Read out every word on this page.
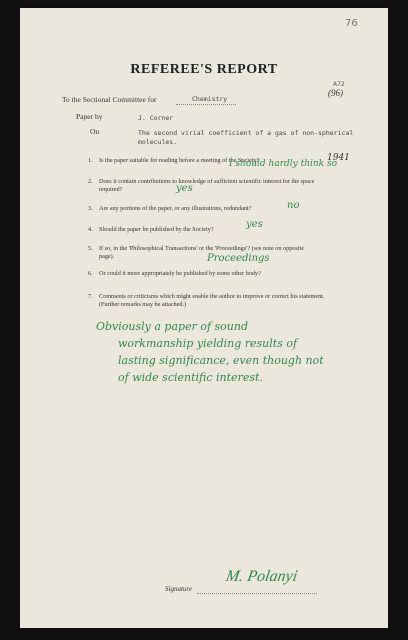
76
REFEREE'S REPORT
A72
(96)
To the Sectional Committee for	Chemistry
Paper by	J. Corner
On	The second virial coefficient of a gas of non-spherical
molecules.
1. Is the paper suitable for reading before a meeting of the Society?
I should hardly think so
1941
2. Does it contain contributions to knowledge of sufficient scientific interest for the space
required?	yes
3. Are any portions of the paper, or any illustrations, redundant?	no
4. Should the paper be published by the Society?	yes
5. If so, in the 'Philosophical Transactions' or the 'Proceedings'? (see note on opposite
page).	Proceedings
6. Or could it more appropriately be published by some other body?
7. Comments or criticisms which might enable the author to improve or correct his statement.
(Further remarks may be attached.)
Obviously a paper of sound
workmanship yielding results of
lasting significance, even though not
of wide scientific interest.
Signature
M. Polanyi
